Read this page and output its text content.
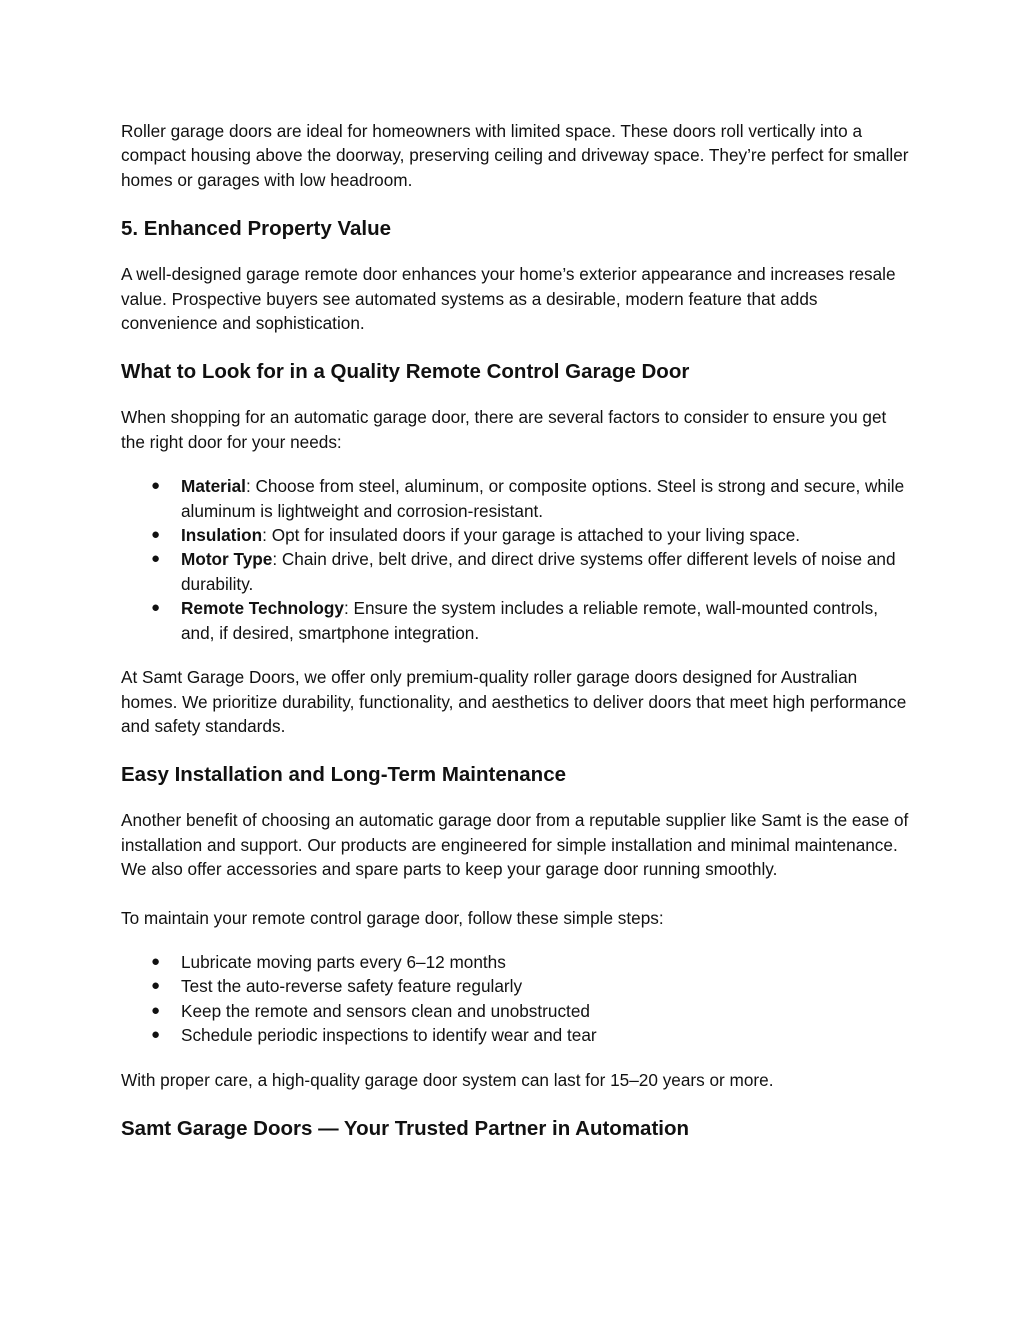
Roller garage doors are ideal for homeowners with limited space. These doors roll vertically into a compact housing above the doorway, preserving ceiling and driveway space. They’re perfect for smaller homes or garages with low headroom.

5. Enhanced Property Value

A well-designed garage remote door enhances your home’s exterior appearance and increases resale value. Prospective buyers see automated systems as a desirable, modern feature that adds convenience and sophistication.

What to Look for in a Quality Remote Control Garage Door

When shopping for an automatic garage door, there are several factors to consider to ensure you get the right door for your needs:

● Material: Choose from steel, aluminum, or composite options. Steel is strong and secure, while aluminum is lightweight and corrosion-resistant.
● Insulation: Opt for insulated doors if your garage is attached to your living space.
● Motor Type: Chain drive, belt drive, and direct drive systems offer different levels of noise and durability.
● Remote Technology: Ensure the system includes a reliable remote, wall-mounted controls, and, if desired, smartphone integration.

At Samt Garage Doors, we offer only premium-quality roller garage doors designed for Australian homes. We prioritize durability, functionality, and aesthetics to deliver doors that meet high performance and safety standards.

Easy Installation and Long-Term Maintenance

Another benefit of choosing an automatic garage door from a reputable supplier like Samt is the ease of installation and support. Our products are engineered for simple installation and minimal maintenance. We also offer accessories and spare parts to keep your garage door running smoothly.

To maintain your remote control garage door, follow these simple steps:

● Lubricate moving parts every 6–12 months
● Test the auto-reverse safety feature regularly
● Keep the remote and sensors clean and unobstructed
● Schedule periodic inspections to identify wear and tear

With proper care, a high-quality garage door system can last for 15–20 years or more.

Samt Garage Doors — Your Trusted Partner in Automation
